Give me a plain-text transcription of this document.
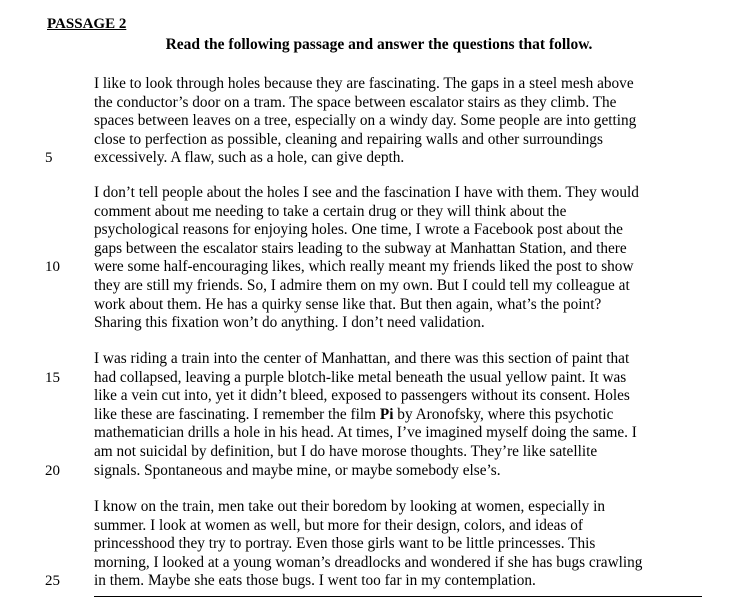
PASSAGE 2
Read the following passage and answer the questions that follow.
I like to look through holes because they are fascinating. The gaps in a steel mesh above
the conductor’s door on a tram. The space between escalator stairs as they climb. The
spaces between leaves on a tree, especially on a windy day. Some people are into getting
close to perfection as possible, cleaning and repairing walls and other surroundings
5	excessively. A flaw, such as a hole, can give depth.
I don’t tell people about the holes I see and the fascination I have with them. They would
comment about me needing to take a certain drug or they will think about the
psychological reasons for enjoying holes. One time, I wrote a Facebook post about the
gaps between the escalator stairs leading to the subway at Manhattan Station, and there
10	were some half-encouraging likes, which really meant my friends liked the post to show
they are still my friends. So, I admire them on my own. But I could tell my colleague at
work about them. He has a quirky sense like that. But then again, what’s the point?
Sharing this fixation won’t do anything. I don’t need validation.
I was riding a train into the center of Manhattan, and there was this section of paint that
15	had collapsed, leaving a purple blotch-like metal beneath the usual yellow paint. It was
like a vein cut into, yet it didn’t bleed, exposed to passengers without its consent. Holes
like these are fascinating. I remember the film Pi by Aronofsky, where this psychotic
mathematician drills a hole in his head. At times, I’ve imagined myself doing the same. I
am not suicidal by definition, but I do have morose thoughts. They’re like satellite
20	signals. Spontaneous and maybe mine, or maybe somebody else’s.
I know on the train, men take out their boredom by looking at women, especially in
summer. I look at women as well, but more for their design, colors, and ideas of
princesshood they try to portray. Even those girls want to be little princesses. This
morning, I looked at a young woman’s dreadlocks and wondered if she has bugs crawling
25	in them. Maybe she eats those bugs. I went too far in my contemplation.
